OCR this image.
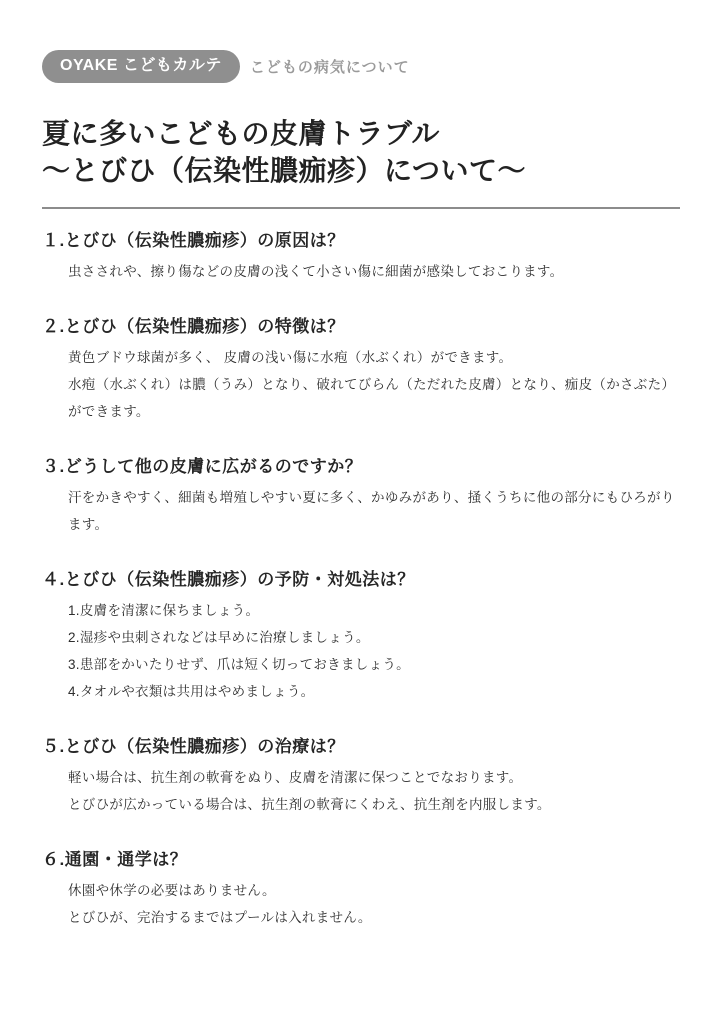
OYAKE こどもカルテ	こどもの病気について
夏に多いこどもの皮膚トラブル
〜とびひ（伝染性膿痂疹）について〜
１.とびひ（伝染性膿痂疹）の原因は？

虫さされや、擦り傷などの皮膚の浅くて小さい傷に細菌が感染しておこります。

２.とびひ（伝染性膿痂疹）の特徴は？

黄色ブドウ球菌が多く、 皮膚の浅い傷に水疱（水ぶくれ）ができます。

水疱（水ぶくれ）は膿（うみ）となり、破れてびらん（ただれた皮膚）となり、痂皮（かさぶた）ができます。

３.どうして他の皮膚に広がるのですか？

汗をかきやすく、細菌も増殖しやすい夏に多く、かゆみがあり、掻くうちに他の部分にもひろがります。

４.とびひ（伝染性膿痂疹）の予防・対処法は？

1.皮膚を清潔に保ちましょう。

2.湿疹や虫刺されなどは早めに治療しましょう。

3.患部をかいたりせず、爪は短く切っておきましょう。

4.タオルや衣類は共用はやめましょう。

５.とびひ（伝染性膿痂疹）の治療は？

軽い場合は、抗生剤の軟膏をぬり、皮膚を清潔に保つことでなおります。

とびひが広かっている場合は、抗生剤の軟膏にくわえ、抗生剤を内服します。

６.通園・通学は？

休園や休学の必要はありません。

とびひが、完治するまではプールは入れません。
